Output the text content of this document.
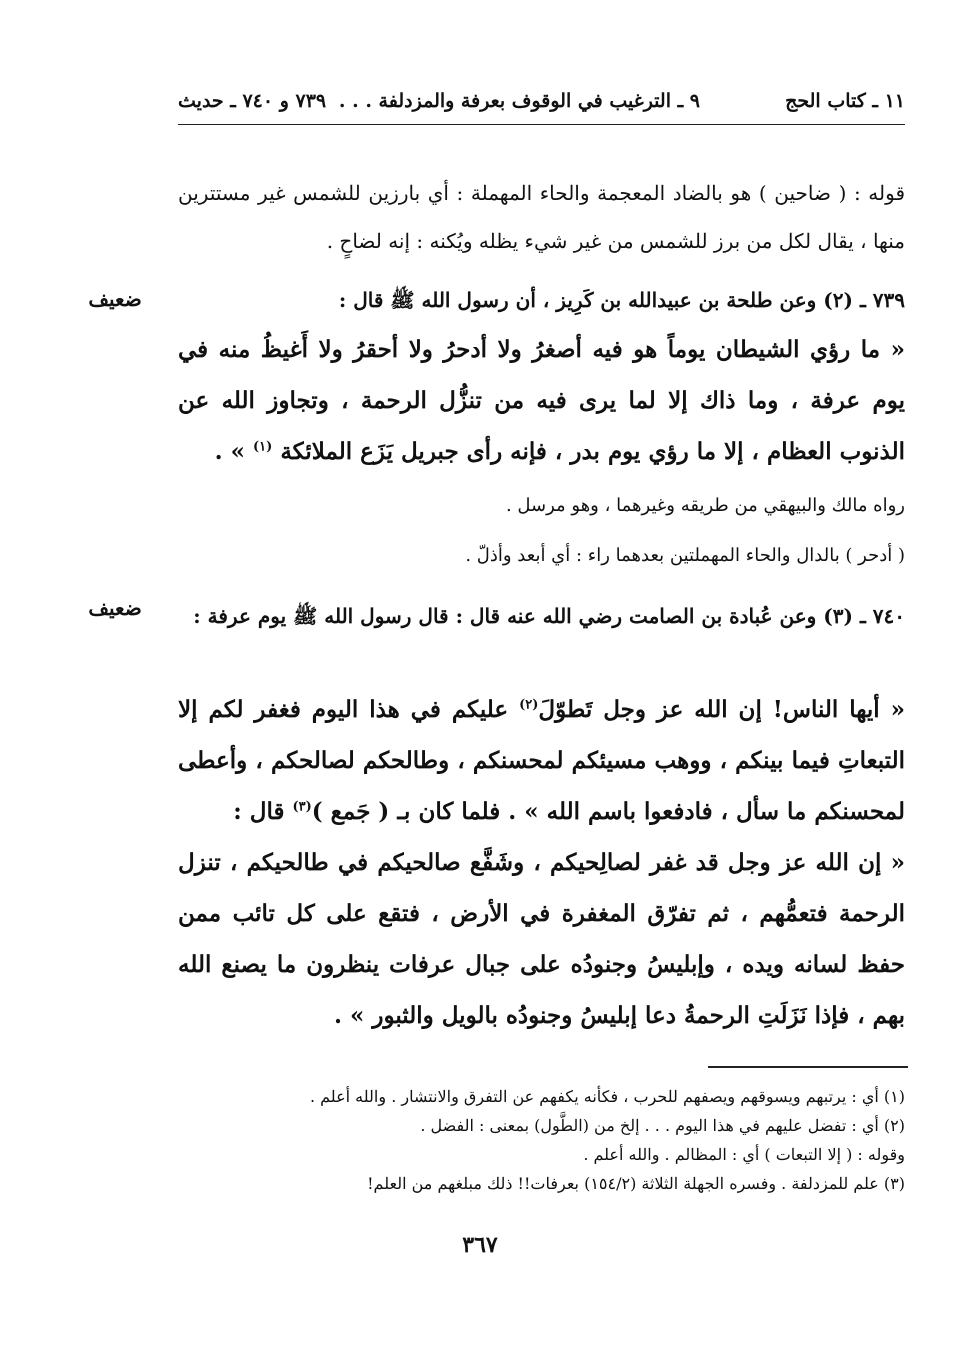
١١ ـ كتاب الحج
٩ ـ الترغيب في الوقوف بعرفة والمزدلفة . . .
٧٣٩ و ٧٤٠ ـ حديث
قوله : ( ضاحين ) هو بالضاد المعجمة والحاء المهملة : أي بارزين للشمس غير مستترين منها ، يقال لكل من برز للشمس من غير شيء يظله ويُكنه : إنه لضاحٍ .
ضعيف	٧٣٩ ـ (٢) وعن طلحة بن عبيدالله بن كَرِيز ، أن رسول الله ﷺ قال :
« ما رؤي الشيطان يوماً هو فيه أصغرُ ولا أدحرُ ولا أحقرُ ولا أَغيظُ منه في يوم عرفة ، وما ذاك إلا لما يرى فيه من تنزُّل الرحمة ، وتجاوز الله عن الذنوب العظام ، إلا ما رؤي يوم بدر ، فإنه رأى جبريل يَزَع الملائكة $^{(١)}$ » .
رواه مالك والبيهقي من طريقه وغيرهما ، وهو مرسل .
( أدحر ) بالدال والحاء المهملتين بعدهما راء : أي أبعد وأذلّ .
ضعيف	٧٤٠ ـ (٣) وعن عُبادة بن الصامت رضي الله عنه قال : قال رسول الله ﷺ يوم عرفة :
« أيها الناس! إن الله عز وجل تَطوّلَ$^{(٢)}$ عليكم في هذا اليوم فغفر لكم إلا التبعاتِ فيما بينكم ، ووهب مسيئكم لمحسنكم ، وطالحكم لصالحكم ، وأعطى لمحسنكم ما سأل ، فادفعوا باسم الله » . فلما كان بـ ( جَمع )$^{(٣)}$ قال :
« إن الله عز وجل قد غفر لصالِحيكم ، وشَفَّع صالحيكم في طالحيكم ، تنزل الرحمة فتعمُّهم ، ثم تفرّق المغفرة في الأرض ، فتقع على كل تائب ممن حفظ لسانه ويده ، وإبليسُ وجنودُه على جبال عرفات ينظرون ما يصنع الله بهم ، فإذا نَزَلَتِ الرحمةُ دعا إبليسُ وجنودُه بالويل والثبور » .
(١) أي : يرتبهم ويسوقهم ويصفهم للحرب ، فكأنه يكفهم عن التفرق والانتشار . والله أعلم .
(٢) أي : تفضل عليهم في هذا اليوم . . . إلخ من (الطَّول) بمعنى : الفضل .
وقوله : ( إلا التبعات ) أي : المظالم . والله أعلم .
(٣) علم للمزدلفة . وفسره الجهلة الثلاثة (١٥٤/٢) بعرفات!! ذلك مبلغهم من العلم!
٣٦٧
